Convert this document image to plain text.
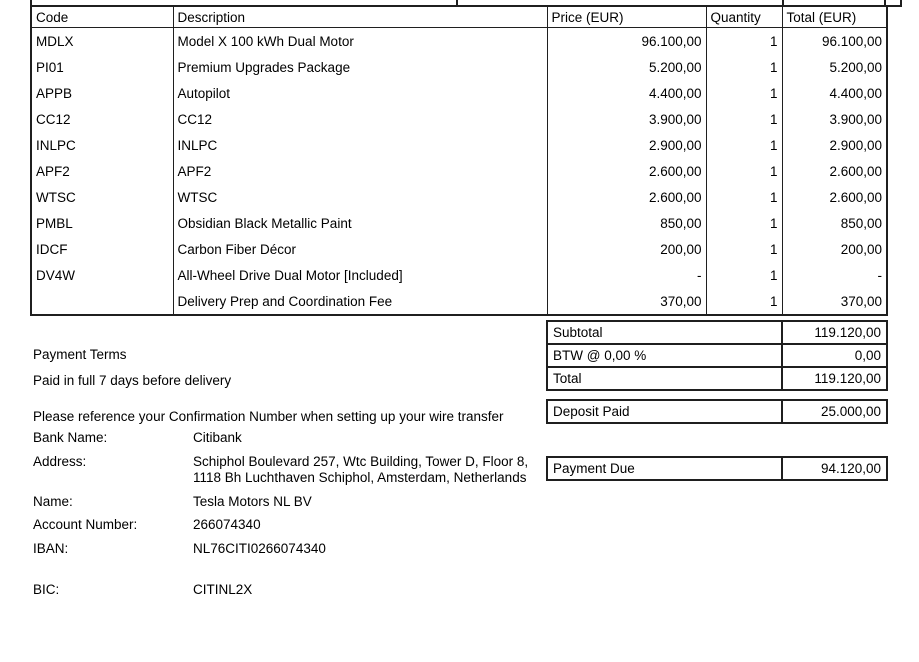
Code	Description	Price (EUR)	Quantity	Total (EUR)
MDLX	Model X 100 kWh Dual Motor	96.100,00	1	96.100,00
PI01	Premium Upgrades Package	5.200,00	1	5.200,00
APPB	Autopilot	4.400,00	1	4.400,00
CC12	CC12	3.900,00	1	3.900,00
INLPC	INLPC	2.900,00	1	2.900,00
APF2	APF2	2.600,00	1	2.600,00
WTSC	WTSC	2.600,00	1	2.600,00
PMBL	Obsidian Black Metallic Paint	850,00	1	850,00
IDCF	Carbon Fiber Décor	200,00	1	200,00
DV4W	All-Wheel Drive Dual Motor [Included]	-	1	-
	Delivery Prep and Coordination Fee	370,00	1	370,00
Subtotal	119.120,00
BTW @ 0,00 %	0,00
Total	119.120,00
Deposit Paid	25.000,00
Payment Due	94.120,00
Payment Terms
Paid in full 7 days before delivery
Please reference your Confirmation Number when setting up your wire transfer
Bank Name:	Citibank
Address:	Schiphol Boulevard 257, Wtc Building, Tower D, Floor 8, 1118 Bh Luchthaven Schiphol, Amsterdam, Netherlands
Name:	Tesla Motors NL BV
Account Number:	266074340
IBAN:	NL76CITI0266074340
BIC:	CITINL2X
